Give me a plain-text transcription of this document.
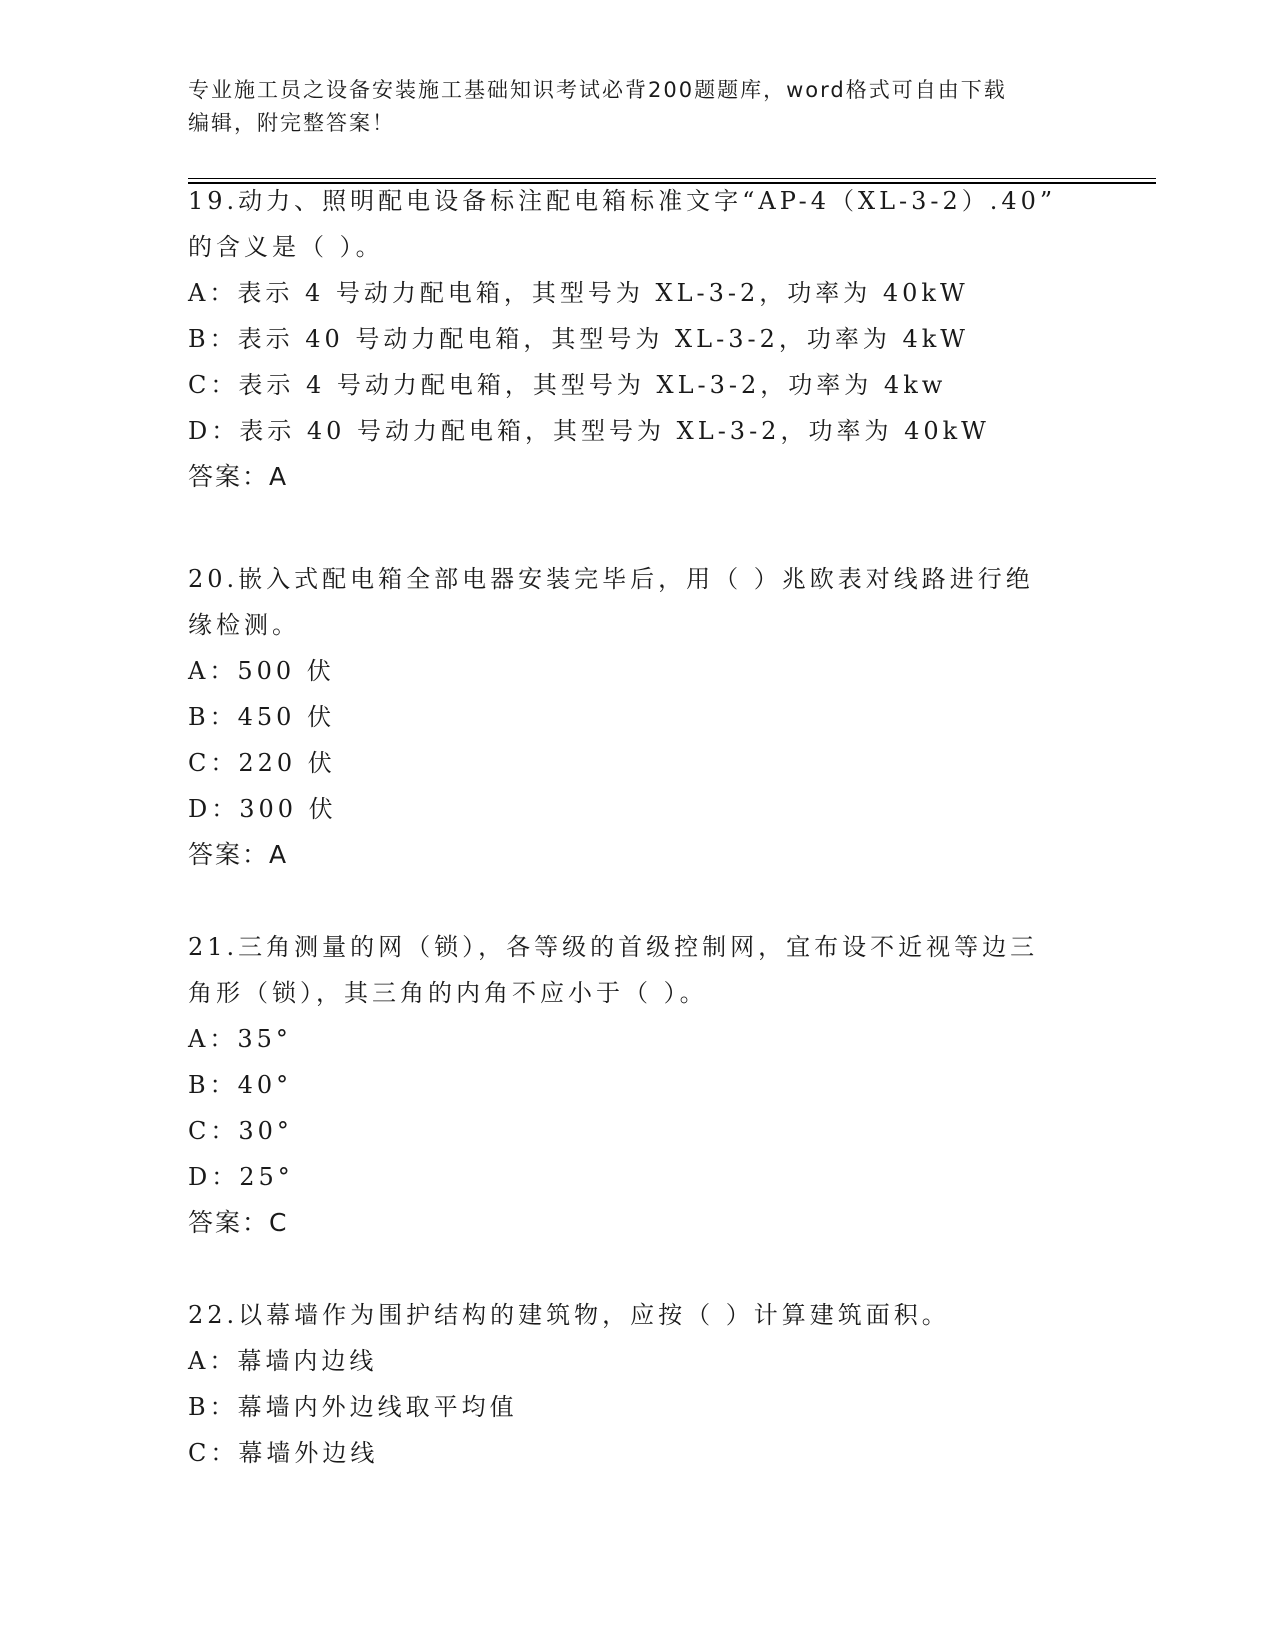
专业施工员之设备安装施工基础知识考试必背200题题库，word格式可自由下载
编辑，附完整答案！
19.动力、照明配电设备标注配电箱标准文字“AP-4（XL-3-2）.40”
的含义是（ ）。
A：表示 4 号动力配电箱，其型号为 XL-3-2，功率为 40kW
B：表示 40 号动力配电箱，其型号为 XL-3-2，功率为 4kW
C：表示 4 号动力配电箱，其型号为 XL-3-2，功率为 4kw
D：表示 40 号动力配电箱，其型号为 XL-3-2，功率为 40kW
答案：A
20.嵌入式配电箱全部电器安装完毕后，用（ ）兆欧表对线路进行绝
缘检测。
A：500 伏
B：450 伏
C：220 伏
D：300 伏
答案：A
21.三角测量的网（锁），各等级的首级控制网，宜布设不近视等边三
角形（锁），其三角的内角不应小于（ ）。
A：35°
B：40°
C：30°
D：25°
答案：C
22.以幕墙作为围护结构的建筑物，应按（ ）计算建筑面积。
A：幕墙内边线
B：幕墙内外边线取平均值
C：幕墙外边线
